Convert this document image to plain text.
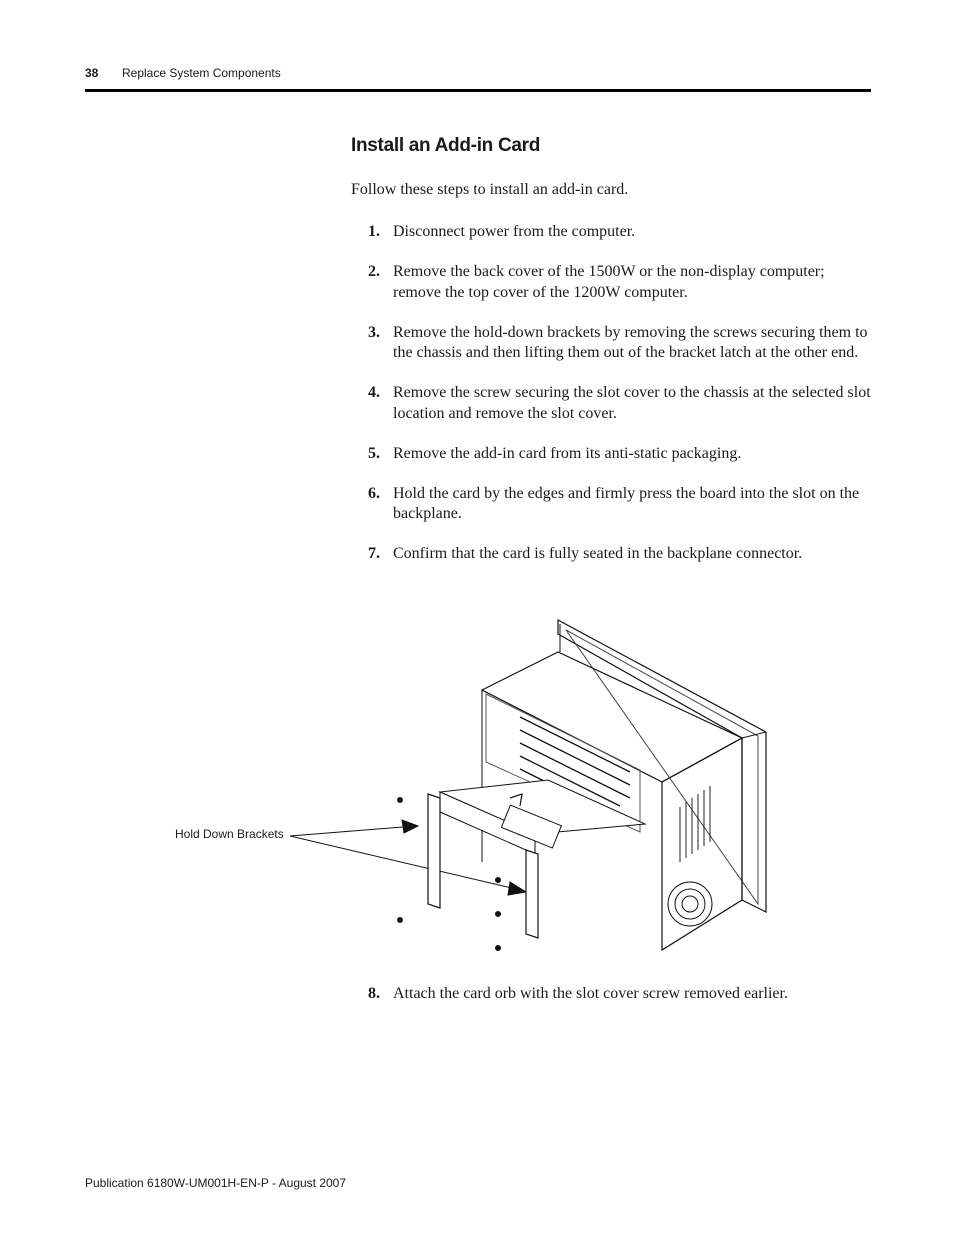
38 Replace System Components
Install an Add-in Card

Follow these steps to install an add-in card.

1. Disconnect power from the computer.
2. Remove the back cover of the 1500W or the non-display computer; remove the top cover of the 1200W computer.
3. Remove the hold-down brackets by removing the screws securing them to the chassis and then lifting them out of the bracket latch at the other end.
4. Remove the screw securing the slot cover to the chassis at the selected slot location and remove the slot cover.
5. Remove the add-in card from its anti-static packaging.
6. Hold the card by the edges and firmly press the board into the slot on the backplane.
7. Confirm that the card is fully seated in the backplane connector.
Hold Down Brackets
8. Attach the card orb with the slot cover screw removed earlier.
Publication 6180W-UM001H-EN-P - August 2007
